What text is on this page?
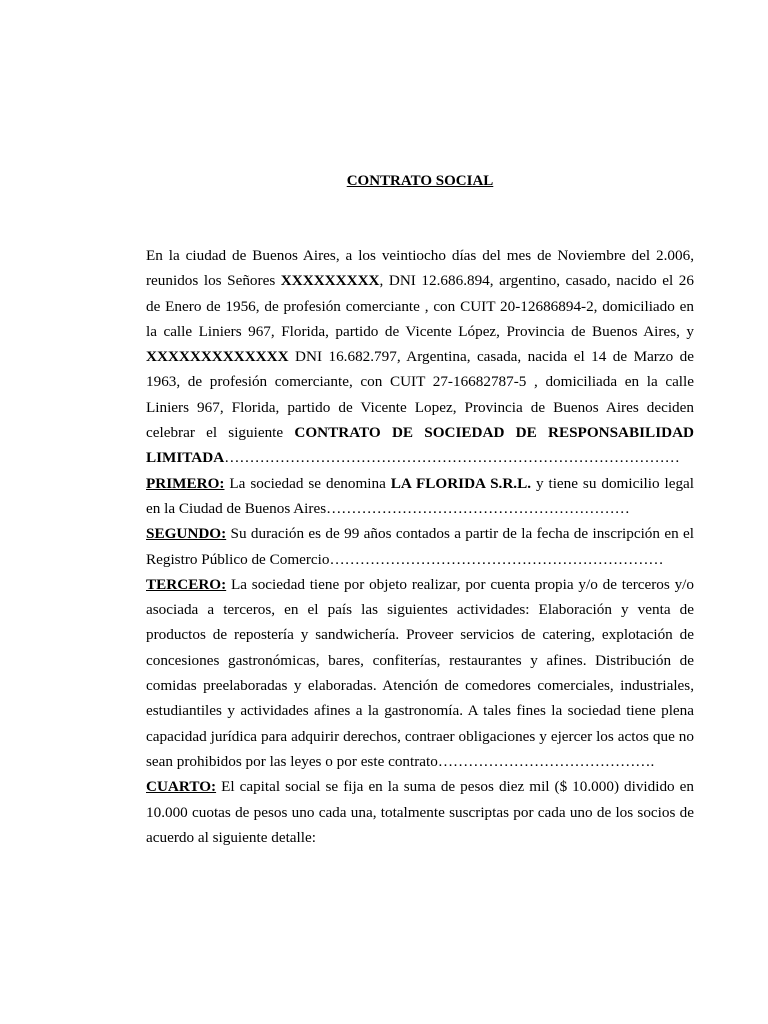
CONTRATO SOCIAL

En la ciudad de Buenos Aires, a los veintiocho días del mes de Noviembre del 2.006, reunidos los Señores XXXXXXXXX, DNI 12.686.894, argentino, casado, nacido el 26 de Enero de 1956, de profesión comerciante , con CUIT 20-12686894-2, domiciliado en la calle Liniers 967, Florida, partido de Vicente López, Provincia de Buenos Aires, y XXXXXXXXXXXXX DNI 16.682.797, Argentina, casada, nacida el 14 de Marzo de 1963, de profesión comerciante, con CUIT 27-16682787-5 , domiciliada en la calle Liniers 967, Florida, partido de Vicente Lopez, Provincia de Buenos Aires deciden celebrar el siguiente CONTRATO DE SOCIEDAD DE RESPONSABILIDAD LIMITADA………………………………………………………………………………

PRIMERO: La sociedad se denomina LA FLORIDA S.R.L. y tiene su domicilio legal en la Ciudad de Buenos Aires……………………………………………………

SEGUNDO: Su duración es de 99 años contados a partir de la fecha de inscripción en el Registro Público de Comercio…………………………………………………………

TERCERO: La sociedad tiene por objeto realizar, por cuenta propia y/o de terceros y/o asociada a terceros, en el país las siguientes actividades: Elaboración y venta de productos de repostería y sandwichería. Proveer servicios de catering, explotación de concesiones gastronómicas, bares, confiterías, restaurantes y afines. Distribución de comidas preelaboradas y elaboradas. Atención de comedores comerciales, industriales, estudiantiles y actividades afines a la gastronomía. A tales fines la sociedad tiene plena capacidad jurídica para adquirir derechos, contraer obligaciones y ejercer los actos que no sean prohibidos por las leyes o por este contrato…………………………………….

CUARTO: El capital social se fija en la suma de pesos diez mil ($ 10.000) dividido en 10.000 cuotas de pesos uno cada una, totalmente suscriptas por cada uno de los socios de acuerdo al siguiente detalle:
